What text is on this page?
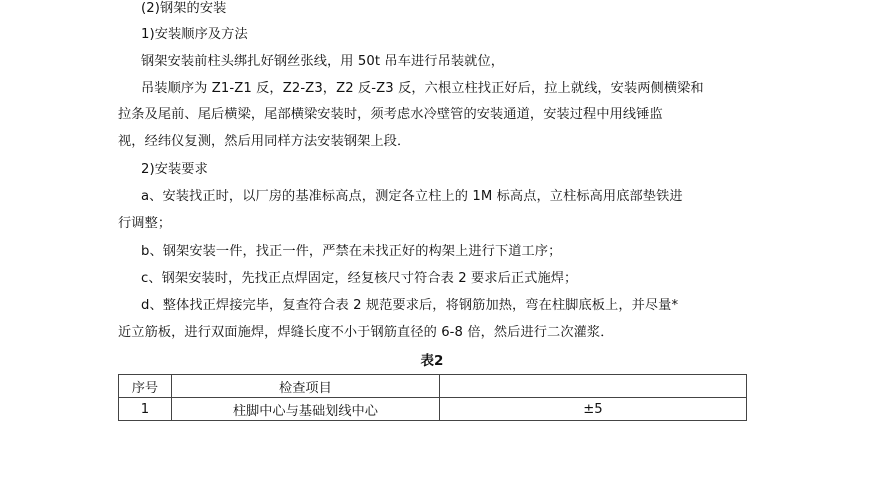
(2)钢架的安装
1)安装顺序及方法
钢架安装前柱头绑扎好钢丝张线，用 50t 吊车进行吊装就位，
吊装顺序为 Z1-Z1 反，Z2-Z3，Z2 反-Z3 反，六根立柱找正好后，拉上就线，安装两侧横梁和
拉条及尾前、尾后横梁，尾部横梁安装时，须考虑水冷壁管的安装通道，安装过程中用线锤监
视，经纬仪复测，然后用同样方法安装钢架上段．
2)安装要求
a、安装找正时，以厂房的基准标高点，测定各立柱上的 1M 标高点，立柱标高用底部垫铁进
行调整；
b、钢架安装一件，找正一件，严禁在未找正好的构架上进行下道工序；
c、钢架安装时，先找正点焊固定，经复核尺寸符合表 2 要求后正式施焊；
d、整体找正焊接完毕，复查符合表 2 规范要求后，将钢筋加热，弯在柱脚底板上，并尽量*
近立筋板，进行双面施焊，焊缝长度不小于钢筋直径的 6-8 倍，然后进行二次灌浆．
表2
序号	检查项目	
1	柱脚中心与基础划线中心	±5
